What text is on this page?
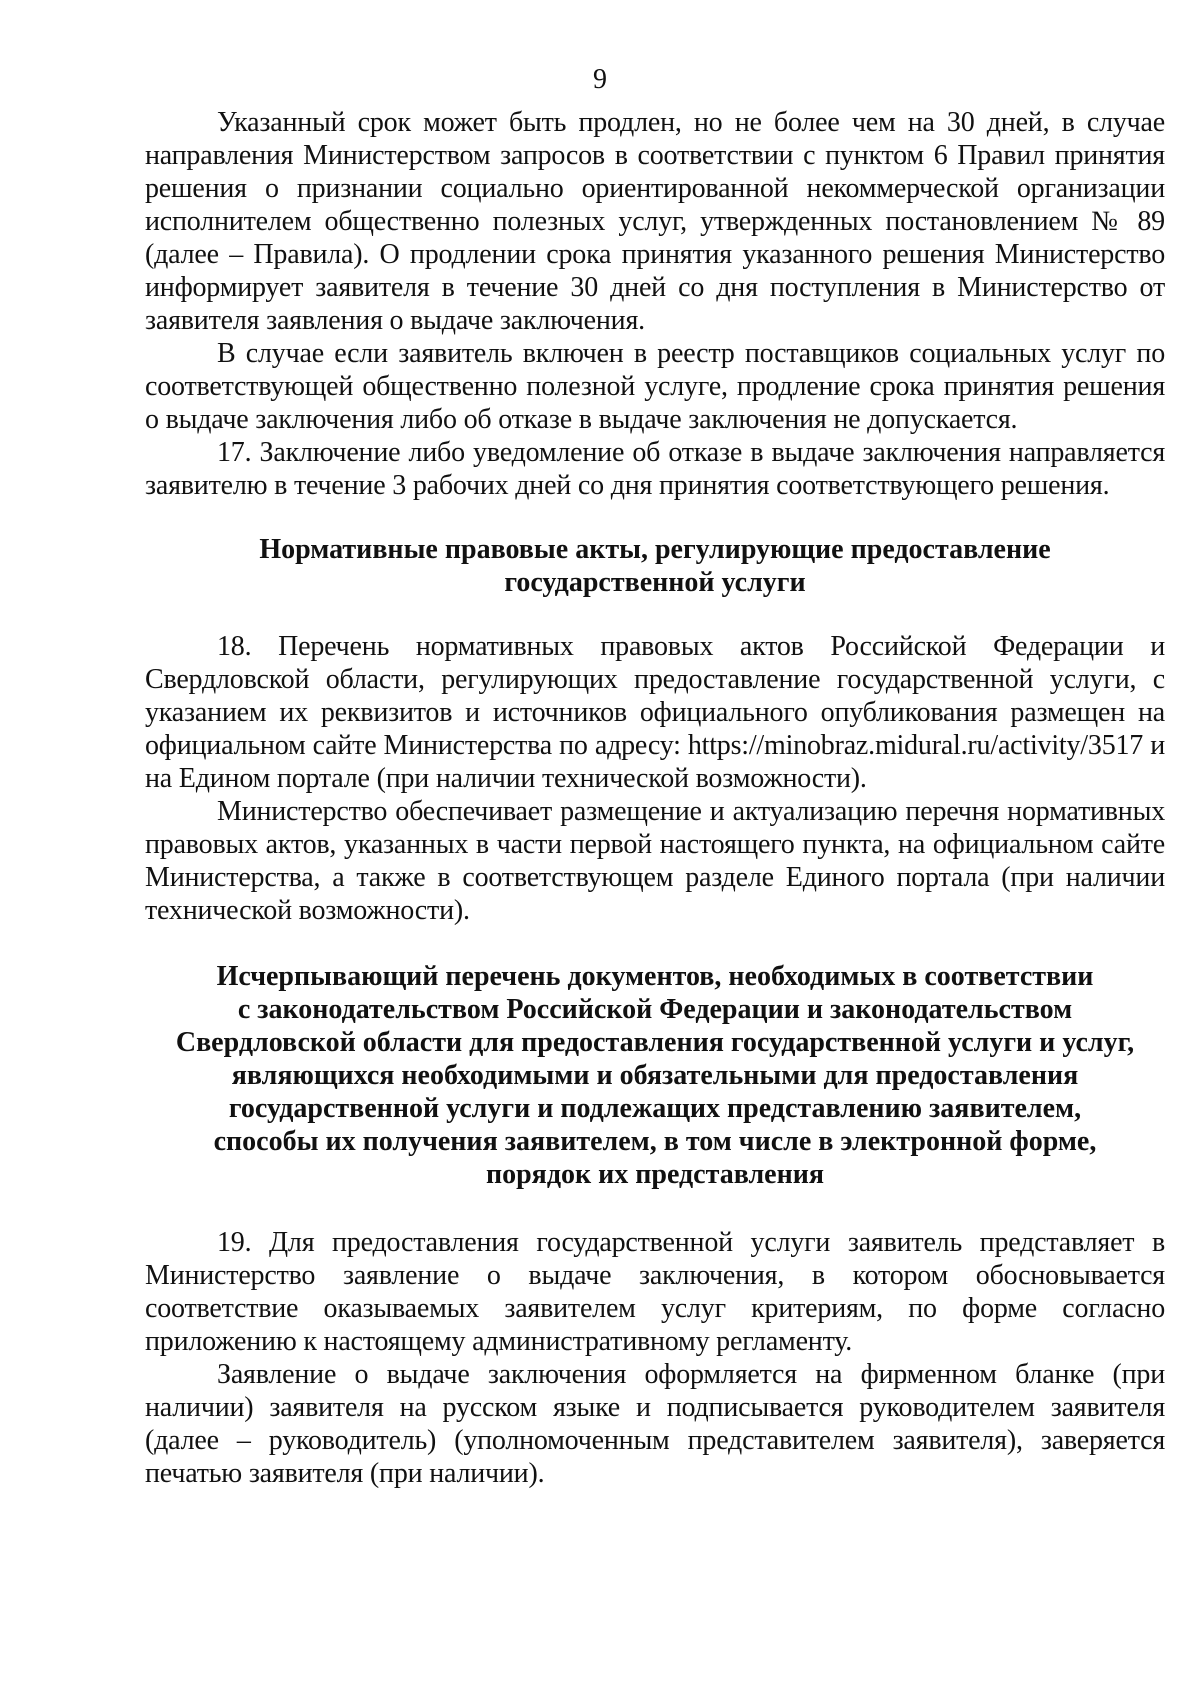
9

Указанный срок может быть продлен, но не более чем на 30 дней, в случае направления Министерством запросов в соответствии с пунктом 6 Правил принятия решения о признании социально ориентированной некоммерческой организации исполнителем общественно полезных услуг, утвержденных постановлением № 89 (далее – Правила). О продлении срока принятия указанного решения Министерство информирует заявителя в течение 30 дней со дня поступления в Министерство от заявителя заявления о выдаче заключения.

В случае если заявитель включен в реестр поставщиков социальных услуг по соответствующей общественно полезной услуге, продление срока принятия решения о выдаче заключения либо об отказе в выдаче заключения не допускается.

17. Заключение либо уведомление об отказе в выдаче заключения направляется заявителю в течение 3 рабочих дней со дня принятия соответствующего решения.

Нормативные правовые акты, регулирующие предоставление
государственной услуги

18. Перечень нормативных правовых актов Российской Федерации и Свердловской области, регулирующих предоставление государственной услуги, с указанием их реквизитов и источников официального опубликования размещен на официальном сайте Министерства по адресу: https://minobraz.midural.ru/activity/3517 и на Едином портале (при наличии технической возможности).

Министерство обеспечивает размещение и актуализацию перечня нормативных правовых актов, указанных в части первой настоящего пункта, на официальном сайте Министерства, а также в соответствующем разделе Единого портала (при наличии технической возможности).

Исчерпывающий перечень документов, необходимых в соответствии
с законодательством Российской Федерации и законодательством
Свердловской области для предоставления государственной услуги и услуг,
являющихся необходимыми и обязательными для предоставления
государственной услуги и подлежащих представлению заявителем,
способы их получения заявителем, в том числе в электронной форме,
порядок их представления

19. Для предоставления государственной услуги заявитель представляет в Министерство заявление о выдаче заключения, в котором обосновывается соответствие оказываемых заявителем услуг критериям, по форме согласно приложению к настоящему административному регламенту.

Заявление о выдаче заключения оформляется на фирменном бланке (при наличии) заявителя на русском языке и подписывается руководителем заявителя (далее – руководитель) (уполномоченным представителем заявителя), заверяется печатью заявителя (при наличии).
